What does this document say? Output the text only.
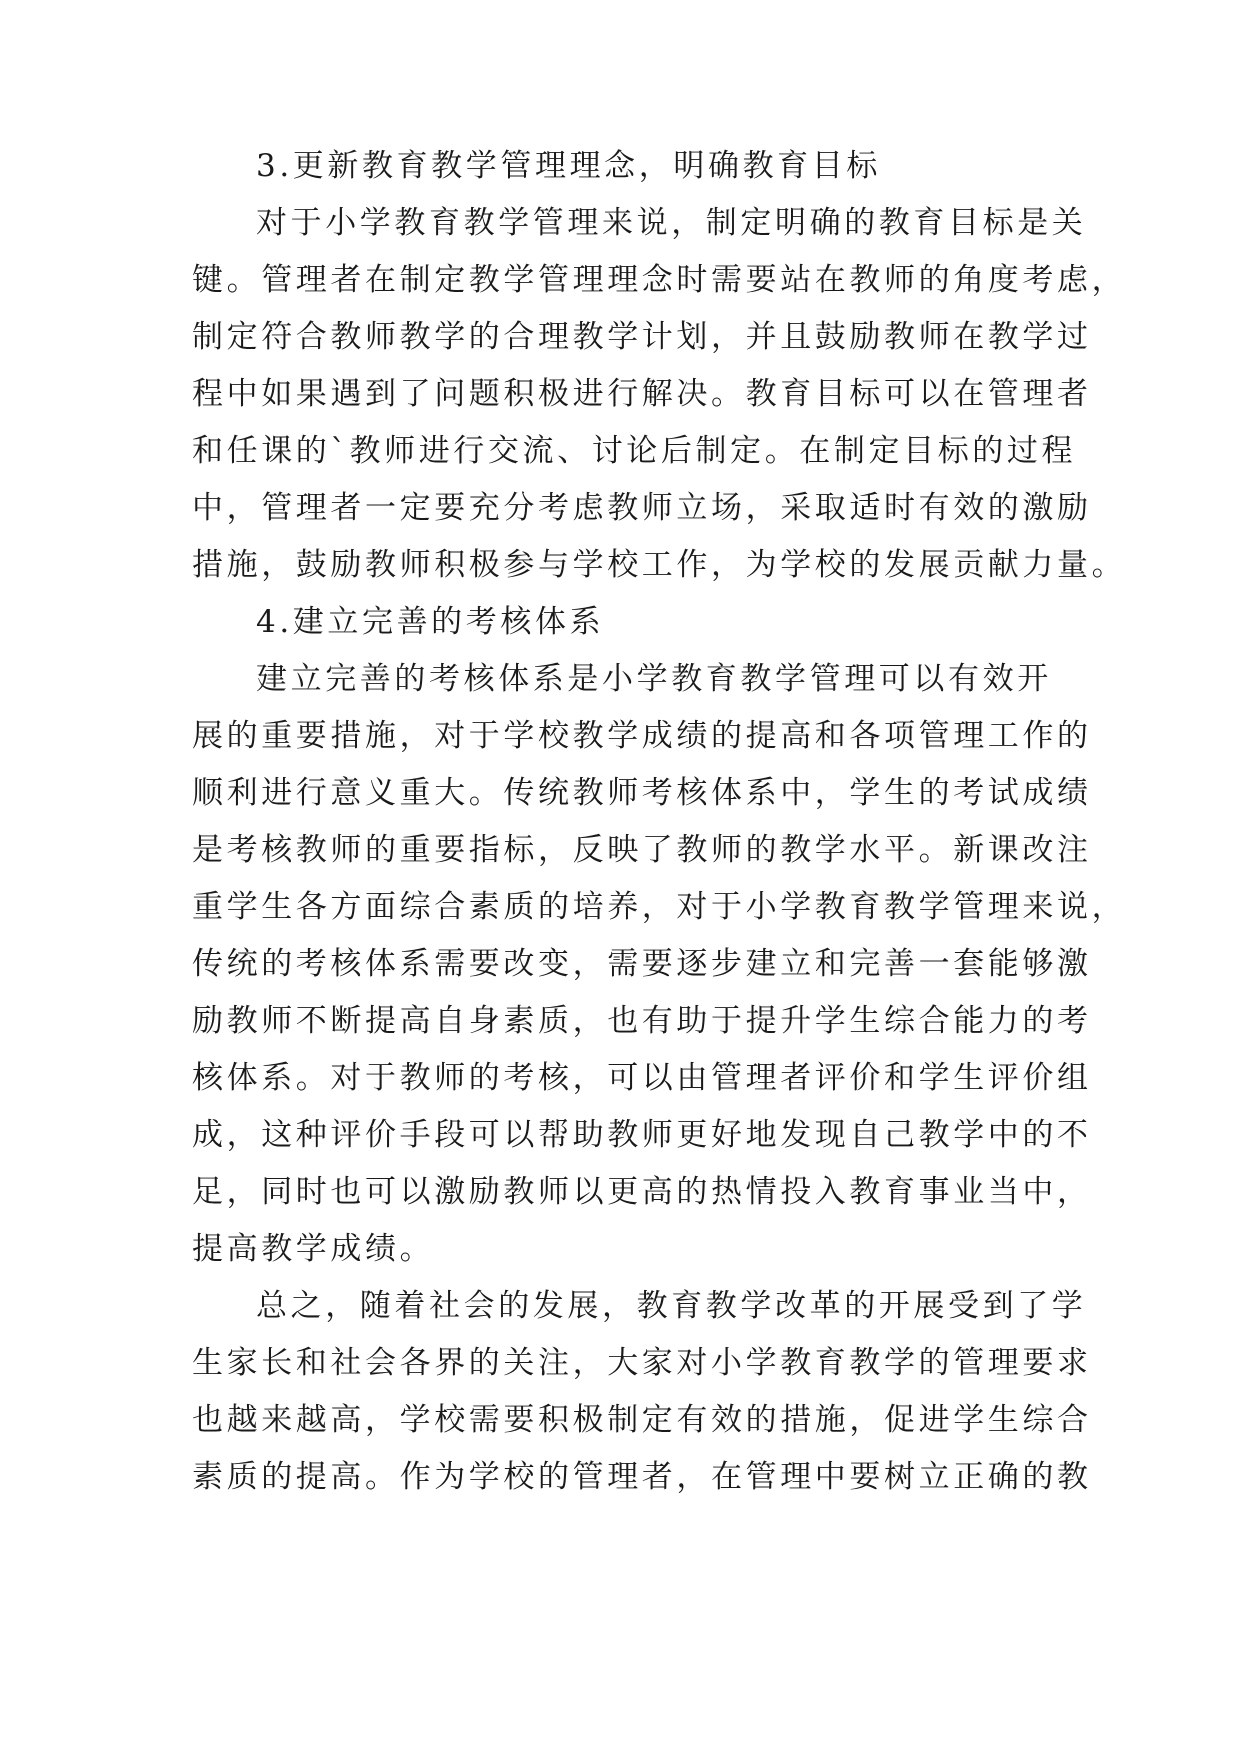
3.更新教育教学管理理念，明确教育目标
对于小学教育教学管理来说，制定明确的教育目标是关
键。管理者在制定教学管理理念时需要站在教师的角度考虑，
制定符合教师教学的合理教学计划，并且鼓励教师在教学过
程中如果遇到了问题积极进行解决。教育目标可以在管理者
和任课的`教师进行交流、讨论后制定。在制定目标的过程
中，管理者一定要充分考虑教师立场，采取适时有效的激励
措施，鼓励教师积极参与学校工作，为学校的发展贡献力量。
4.建立完善的考核体系
建立完善的考核体系是小学教育教学管理可以有效开
展的重要措施，对于学校教学成绩的提高和各项管理工作的
顺利进行意义重大。传统教师考核体系中，学生的考试成绩
是考核教师的重要指标，反映了教师的教学水平。新课改注
重学生各方面综合素质的培养，对于小学教育教学管理来说，
传统的考核体系需要改变，需要逐步建立和完善一套能够激
励教师不断提高自身素质，也有助于提升学生综合能力的考
核体系。对于教师的考核，可以由管理者评价和学生评价组
成，这种评价手段可以帮助教师更好地发现自己教学中的不
足，同时也可以激励教师以更高的热情投入教育事业当中，
提高教学成绩。
总之，随着社会的发展，教育教学改革的开展受到了学
生家长和社会各界的关注，大家对小学教育教学的管理要求
也越来越高，学校需要积极制定有效的措施，促进学生综合
素质的提高。作为学校的管理者，在管理中要树立正确的教
